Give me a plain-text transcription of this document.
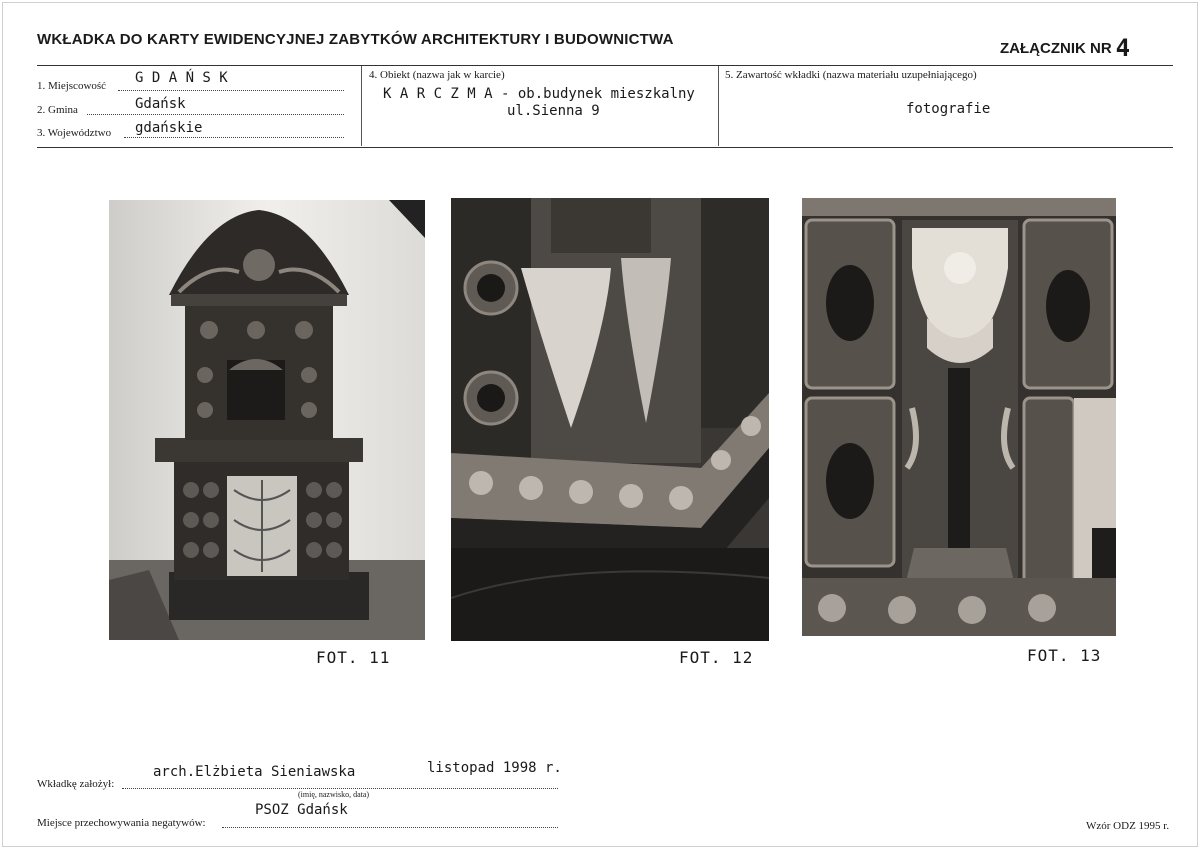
WKŁADKA DO KARTY EWIDENCYJNEJ ZABYTKÓW ARCHITEKTURY I BUDOWNICTWA
ZAŁĄCZNIK NR 4
1. Miejscowość G D A Ń S K
2. Gmina	Gdańsk
3. Województwo gdańskie
4. Obiekt (nazwa jak w karcie)
K A R C Z M A - ob.budynek mieszkalny
ul.Sienna 9
5. Zawartość wkładki (nazwa materiału uzupełniającego)
fotografie
FOT. 11	FOT. 12	FOT. 13
Wkładkę założył:
arch.Elżbieta Sieniawska	listopad 1998 r.
(imię, nazwisko, data)
Miejsce przechowywania negatywów:
PSOZ Gdańsk
Wzór ODZ 1995 r.
